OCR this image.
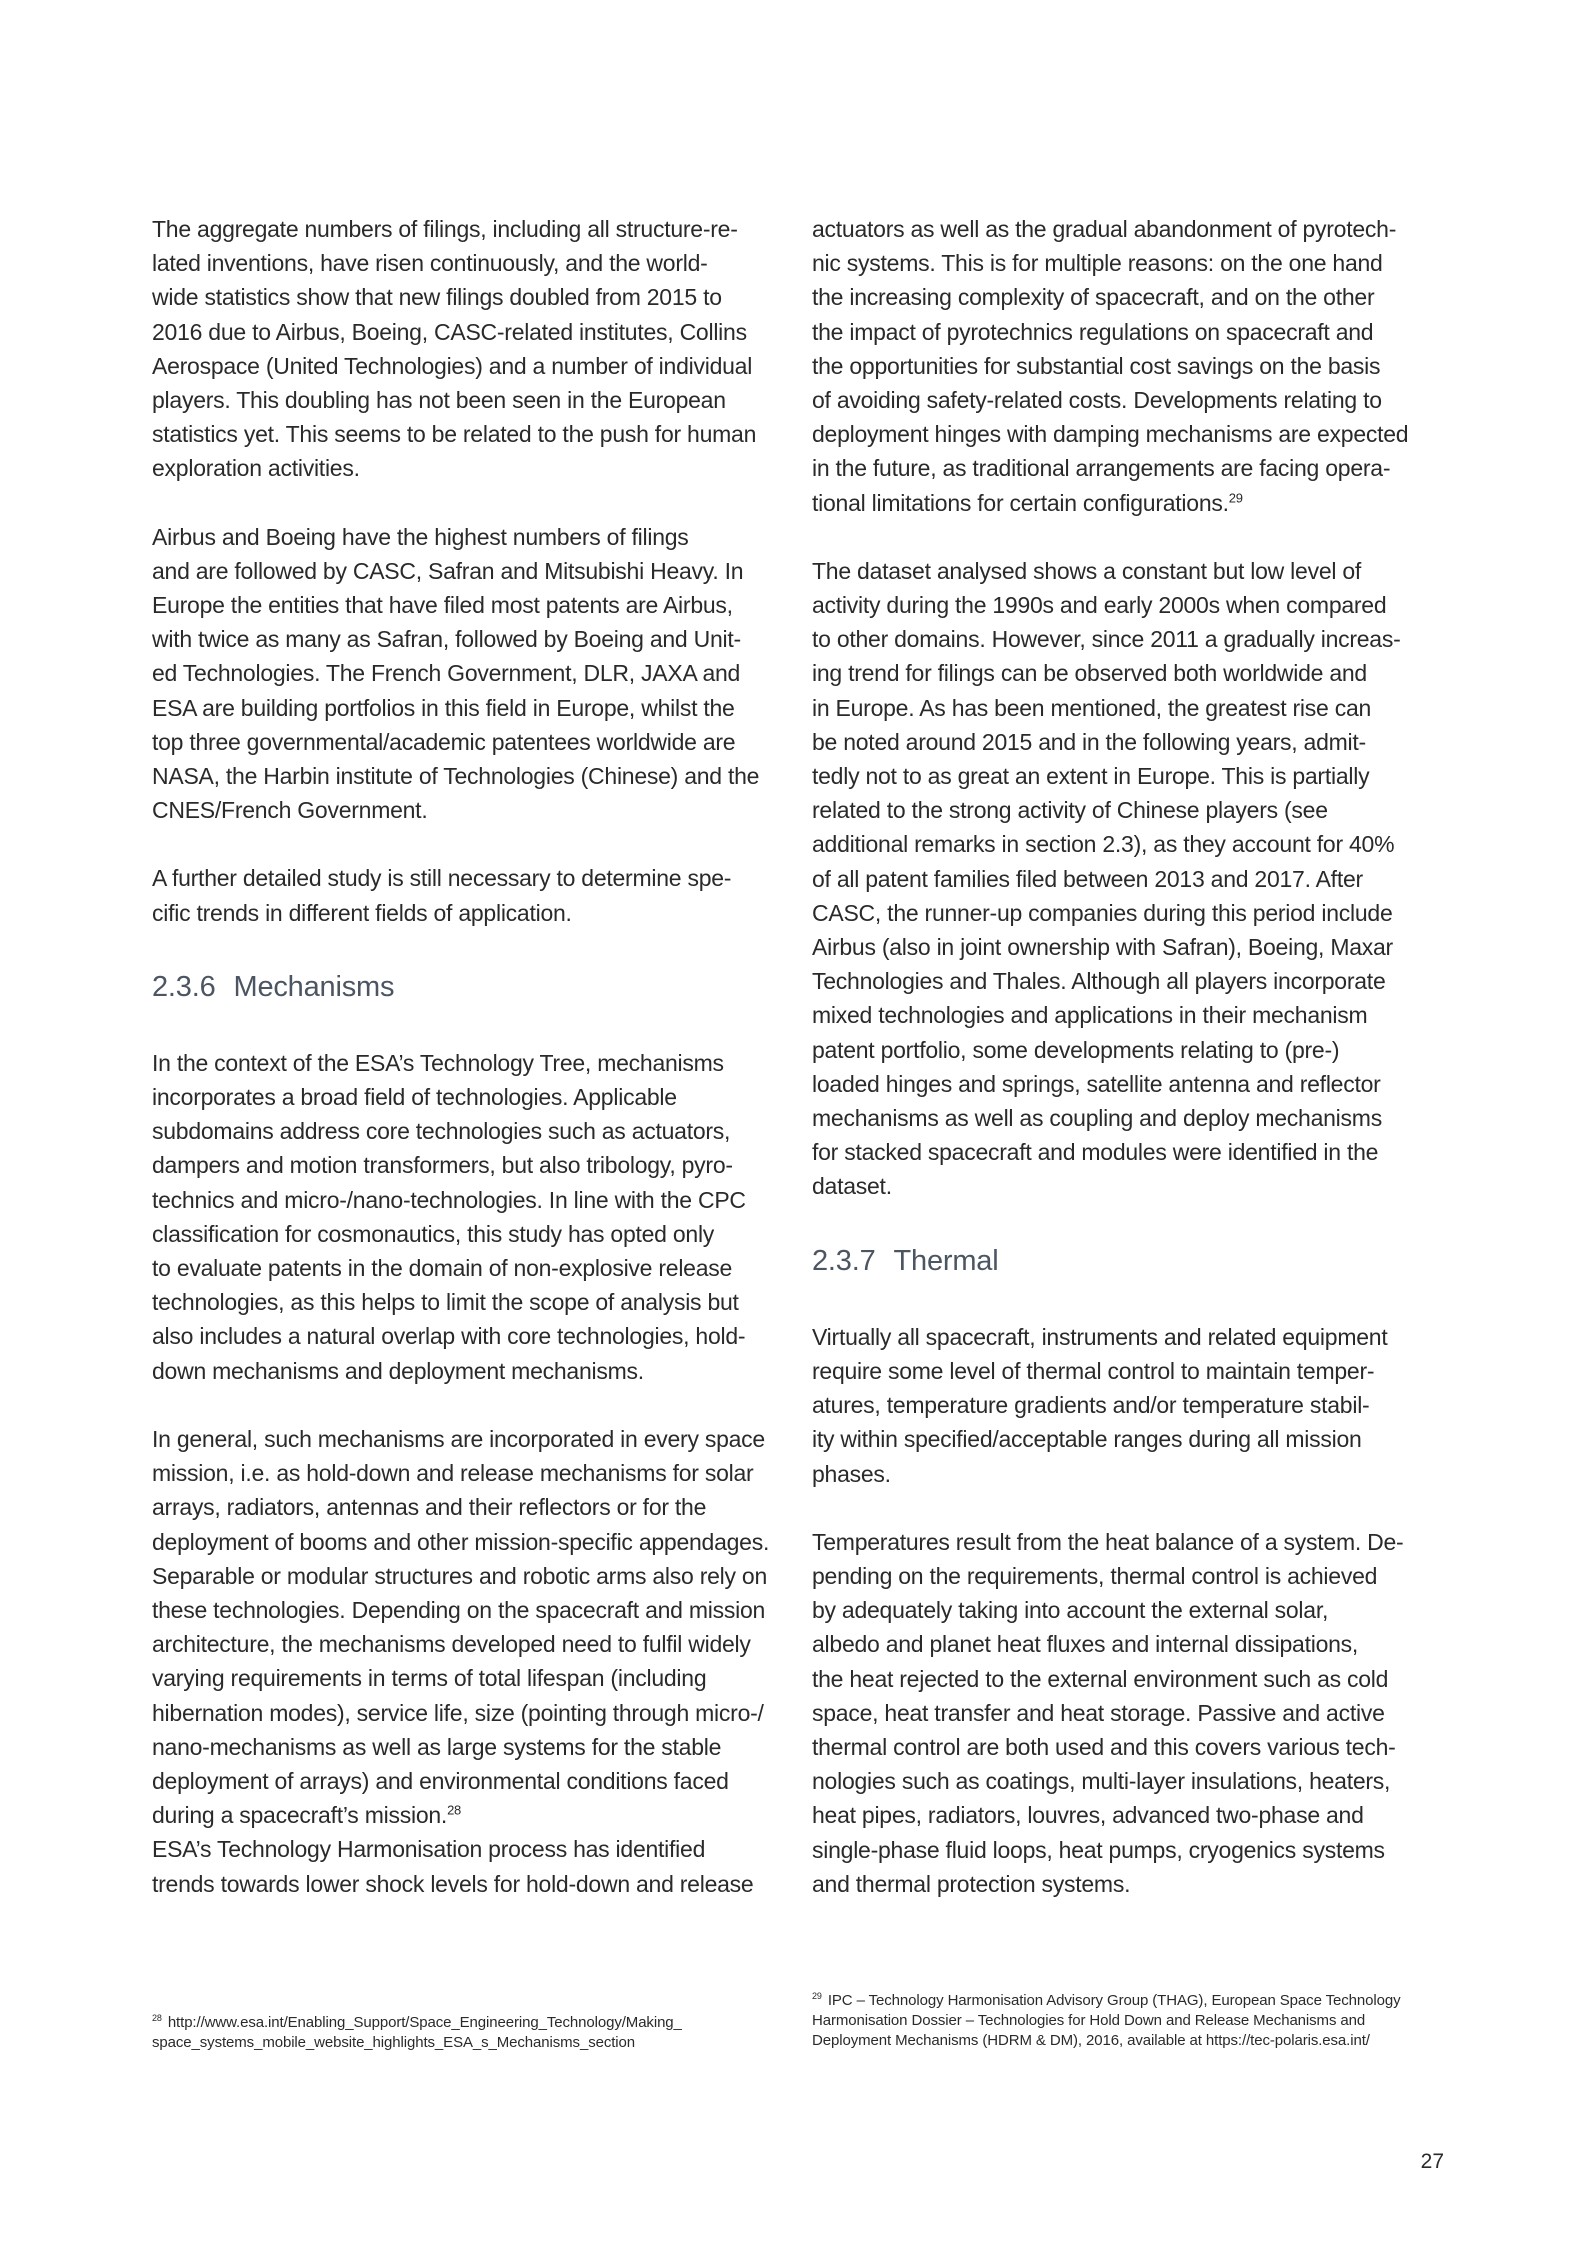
The aggregate numbers of filings, including all structure-re-
lated inventions, have risen continuously, and the world-
wide statistics show that new filings doubled from 2015 to
2016 due to Airbus, Boeing, CASC-related institutes, Collins
Aerospace (United Technologies) and a number of individual
players. This doubling has not been seen in the European
statistics yet. This seems to be related to the push for human
exploration activities.

Airbus and Boeing have the highest numbers of filings
and are followed by CASC, Safran and Mitsubishi Heavy. In
Europe the entities that have filed most patents are Airbus,
with twice as many as Safran, followed by Boeing and Unit-
ed Technologies. The French Government, DLR, JAXA and
ESA are building portfolios in this field in Europe, whilst the
top three governmental/academic patentees worldwide are
NASA, the Harbin institute of Technologies (Chinese) and the
CNES/French Government.

A further detailed study is still necessary to determine spe-
cific trends in different fields of application.

2.3.6 Mechanisms

In the context of the ESA’s Technology Tree, mechanisms
incorporates a broad field of technologies. Applicable
subdomains address core technologies such as actuators,
dampers and motion transformers, but also tribology, pyro-
technics and micro-/nano-technologies. In line with the CPC
classification for cosmonautics, this study has opted only
to evaluate patents in the domain of non-explosive release
technologies, as this helps to limit the scope of analysis but
also includes a natural overlap with core technologies, hold-
down mechanisms and deployment mechanisms.

In general, such mechanisms are incorporated in every space
mission, i.e. as hold-down and release mechanisms for solar
arrays, radiators, antennas and their reflectors or for the
deployment of booms and other mission-specific appendages.
Separable or modular structures and robotic arms also rely on
these technologies. Depending on the spacecraft and mission
architecture, the mechanisms developed need to fulfil widely
varying requirements in terms of total lifespan (including
hibernation modes), service life, size (pointing through micro-/
nano-mechanisms as well as large systems for the stable
deployment of arrays) and environmental conditions faced
during a spacecraft’s mission.$^{28}$

ESA’s Technology Harmonisation process has identified
trends towards lower shock levels for hold-down and release

actuators as well as the gradual abandonment of pyrotech-
nic systems. This is for multiple reasons: on the one hand
the increasing complexity of spacecraft, and on the other
the impact of pyrotechnics regulations on spacecraft and
the opportunities for substantial cost savings on the basis
of avoiding safety-related costs. Developments relating to
deployment hinges with damping mechanisms are expected
in the future, as traditional arrangements are facing opera-
tional limitations for certain configurations.$^{29}$

The dataset analysed shows a constant but low level of
activity during the 1990s and early 2000s when compared
to other domains. However, since 2011 a gradually increas-
ing trend for filings can be observed both worldwide and
in Europe. As has been mentioned, the greatest rise can
be noted around 2015 and in the following years, admit-
tedly not to as great an extent in Europe. This is partially
related to the strong activity of Chinese players (see
additional remarks in section 2.3), as they account for 40%
of all patent families filed between 2013 and 2017. After
CASC, the runner-up companies during this period include
Airbus (also in joint ownership with Safran), Boeing, Maxar
Technologies and Thales. Although all players incorporate
mixed technologies and applications in their mechanism
patent portfolio, some developments relating to (pre-)
loaded hinges and springs, satellite antenna and reflector
mechanisms as well as coupling and deploy mechanisms
for stacked spacecraft and modules were identified in the
dataset.

2.3.7 Thermal

Virtually all spacecraft, instruments and related equipment
require some level of thermal control to maintain temper-
atures, temperature gradients and/or temperature stabil-
ity within specified/acceptable ranges during all mission
phases.

Temperatures result from the heat balance of a system. De-
pending on the requirements, thermal control is achieved
by adequately taking into account the external solar,
albedo and planet heat fluxes and internal dissipations,
the heat rejected to the external environment such as cold
space, heat transfer and heat storage. Passive and active
thermal control are both used and this covers various tech-
nologies such as coatings, multi-layer insulations, heaters,
heat pipes, radiators, louvres, advanced two-phase and
single-phase fluid loops, heat pumps, cryogenics systems
and thermal protection systems.

$^{28}$ http://www.esa.int/Enabling_Support/Space_Engineering_Technology/Making_
space_systems_mobile_website_highlights_ESA_s_Mechanisms_section
$^{29}$ IPC – Technology Harmonisation Advisory Group (THAG), European Space Technology
Harmonisation Dossier – Technologies for Hold Down and Release Mechanisms and
Deployment Mechanisms (HDRM & DM), 2016, available at https://tec-polaris.esa.int/
27
